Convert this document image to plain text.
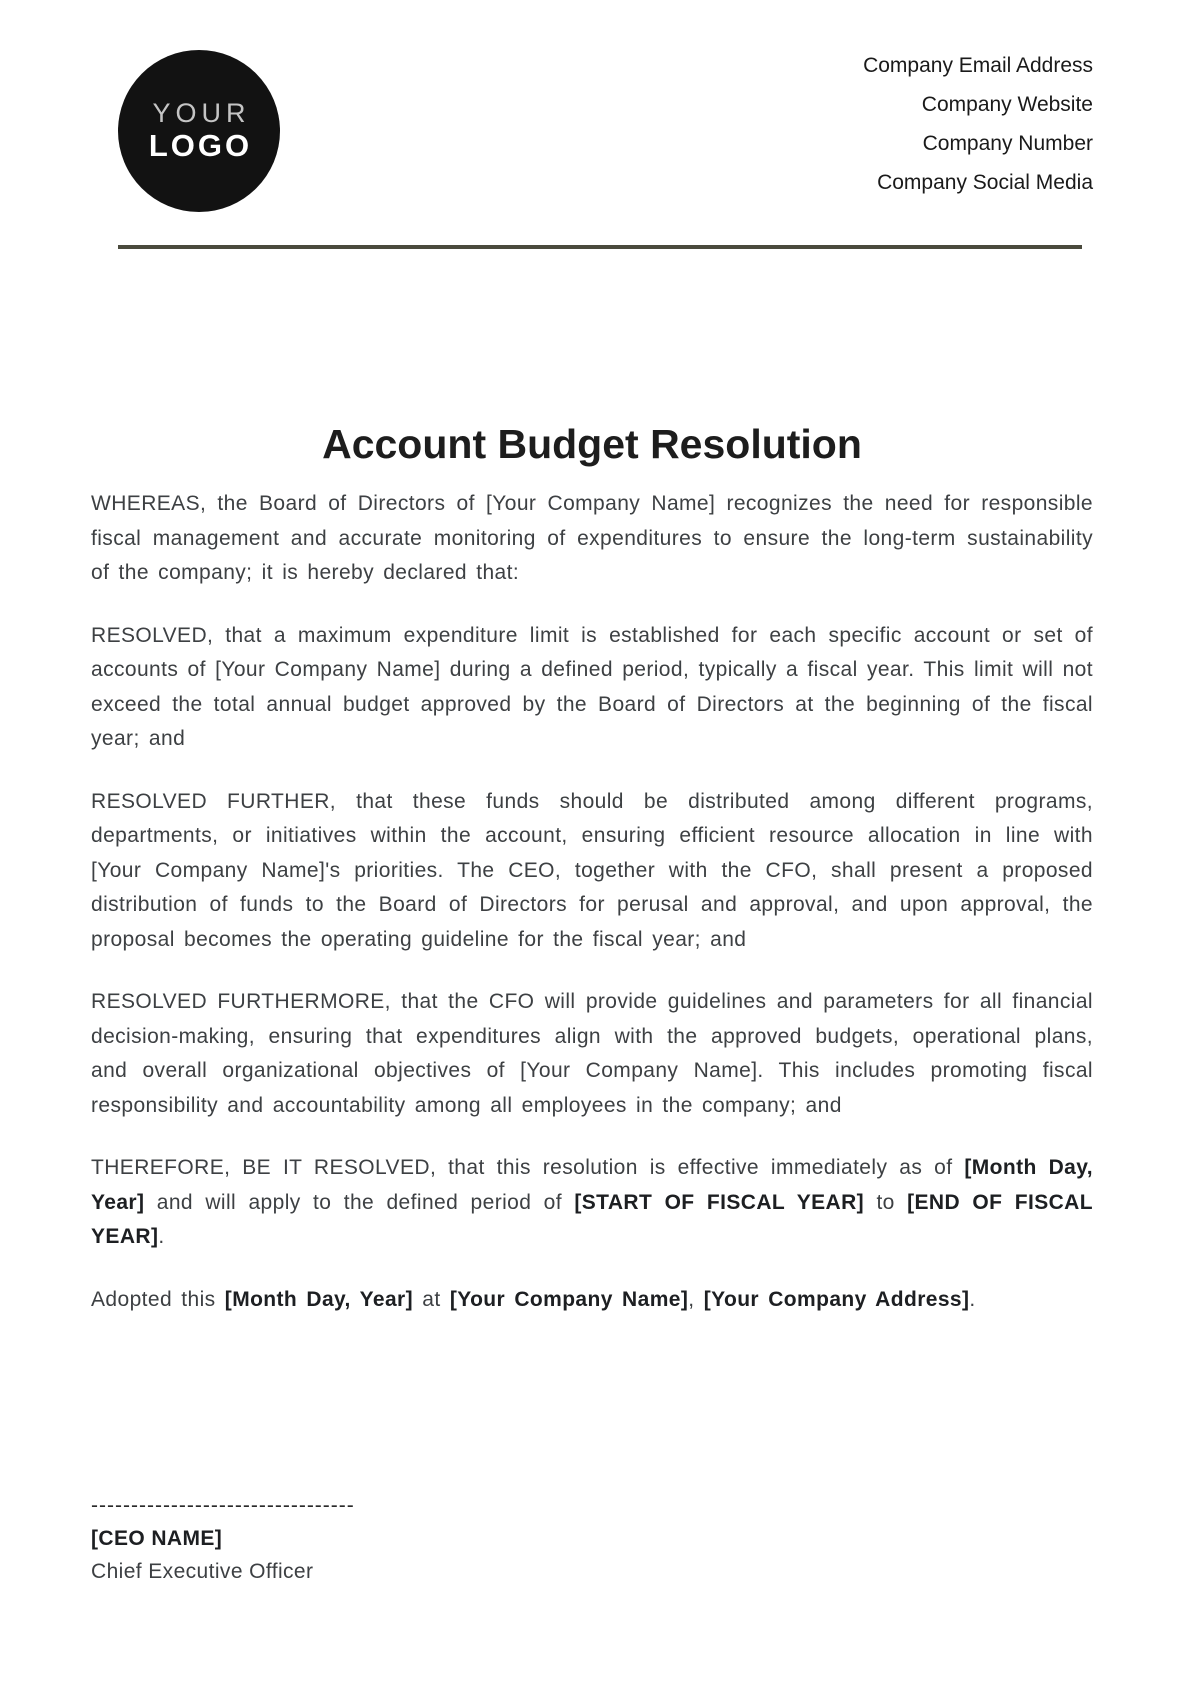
YOUR
LOGO
Company Email Address
Company Website
Company Number
Company Social Media
Account Budget Resolution

WHEREAS, the Board of Directors of [Your Company Name] recognizes the need for responsible fiscal management and accurate monitoring of expenditures to ensure the long-term sustainability of the company; it is hereby declared that:

RESOLVED, that a maximum expenditure limit is established for each specific account or set of accounts of [Your Company Name] during a defined period, typically a fiscal year. This limit will not exceed the total annual budget approved by the Board of Directors at the beginning of the fiscal year; and

RESOLVED FURTHER, that these funds should be distributed among different programs, departments, or initiatives within the account, ensuring efficient resource allocation in line with [Your Company Name]'s priorities. The CEO, together with the CFO, shall present a proposed distribution of funds to the Board of Directors for perusal and approval, and upon approval, the proposal becomes the operating guideline for the fiscal year; and

RESOLVED FURTHERMORE, that the CFO will provide guidelines and parameters for all financial decision-making, ensuring that expenditures align with the approved budgets, operational plans, and overall organizational objectives of [Your Company Name]. This includes promoting fiscal responsibility and accountability among all employees in the company; and

THEREFORE, BE IT RESOLVED, that this resolution is effective immediately as of [Month Day, Year] and will apply to the defined period of [START OF FISCAL YEAR] to [END OF FISCAL YEAR].

Adopted this [Month Day, Year] at [Your Company Name], [Your Company Address].

---------------------------------
[CEO NAME]
Chief Executive Officer
